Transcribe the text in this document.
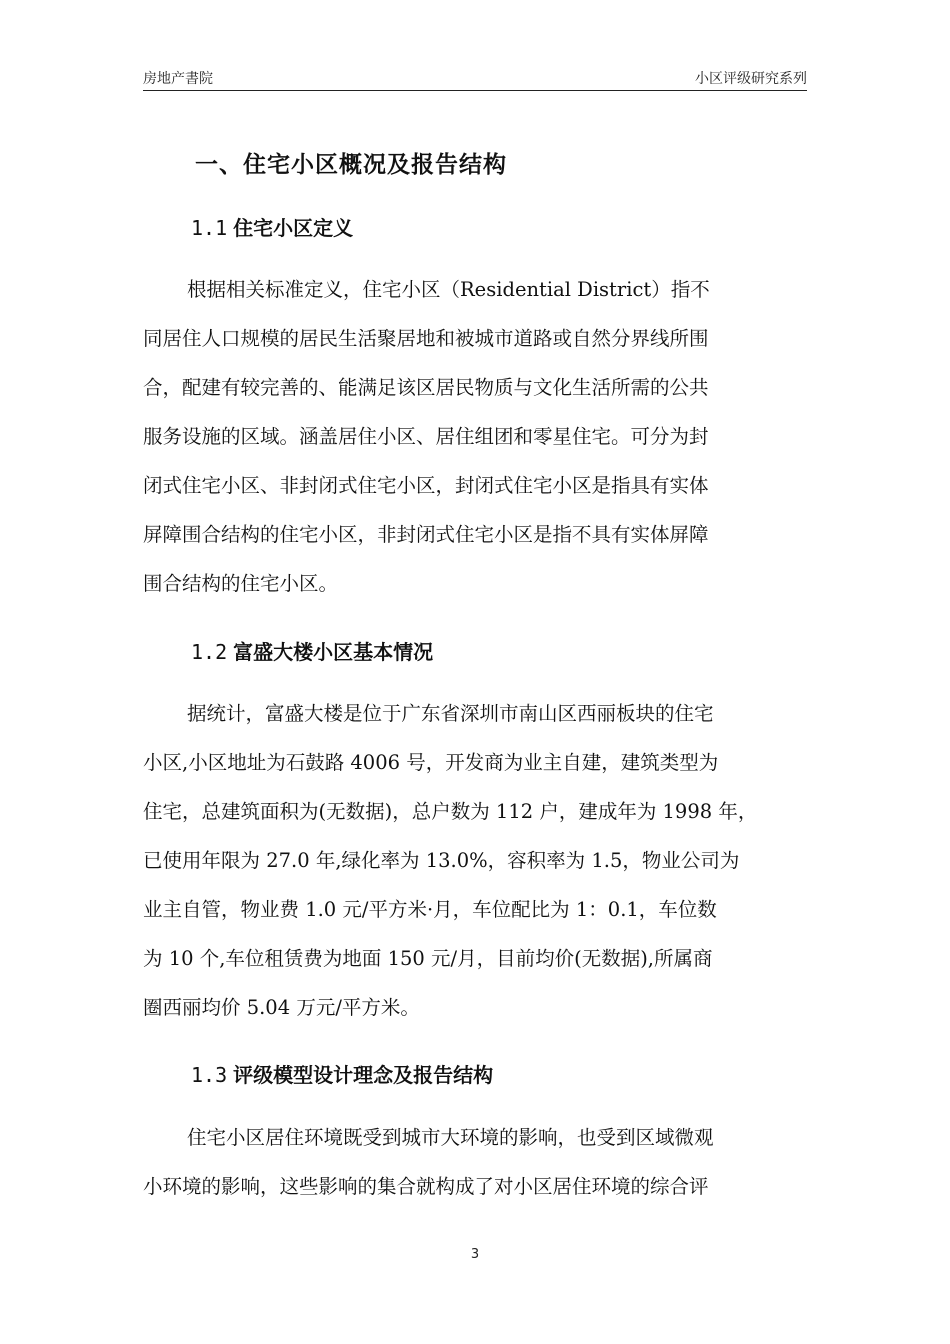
房地产書院	小区评级研究系列
一、住宅小区概况及报告结构
1.1 住宅小区定义
根据相关标准定义，住宅小区（Residential District）指不
同居住人口规模的居民生活聚居地和被城市道路或自然分界线所围
合，配建有较完善的、能满足该区居民物质与文化生活所需的公共
服务设施的区域。涵盖居住小区、居住组团和零星住宅。可分为封
闭式住宅小区、非封闭式住宅小区，封闭式住宅小区是指具有实体
屏障围合结构的住宅小区，非封闭式住宅小区是指不具有实体屏障
围合结构的住宅小区。
1.2 富盛大楼小区基本情况
据统计，富盛大楼是位于广东省深圳市南山区西丽板块的住宅
小区,小区地址为石鼓路 4006 号，开发商为业主自建，建筑类型为
住宅，总建筑面积为(无数据)，总户数为 112 户，建成年为 1998 年，
已使用年限为 27.0 年,绿化率为 13.0%，容积率为 1.5，物业公司为
业主自管，物业费 1.0 元/平方米·月，车位配比为 1：0.1，车位数
为 10 个,车位租赁费为地面 150 元/月，目前均价(无数据),所属商
圈西丽均价 5.04 万元/平方米。
1.3 评级模型设计理念及报告结构
住宅小区居住环境既受到城市大环境的影响，也受到区域微观
小环境的影响，这些影响的集合就构成了对小区居住环境的综合评
3
